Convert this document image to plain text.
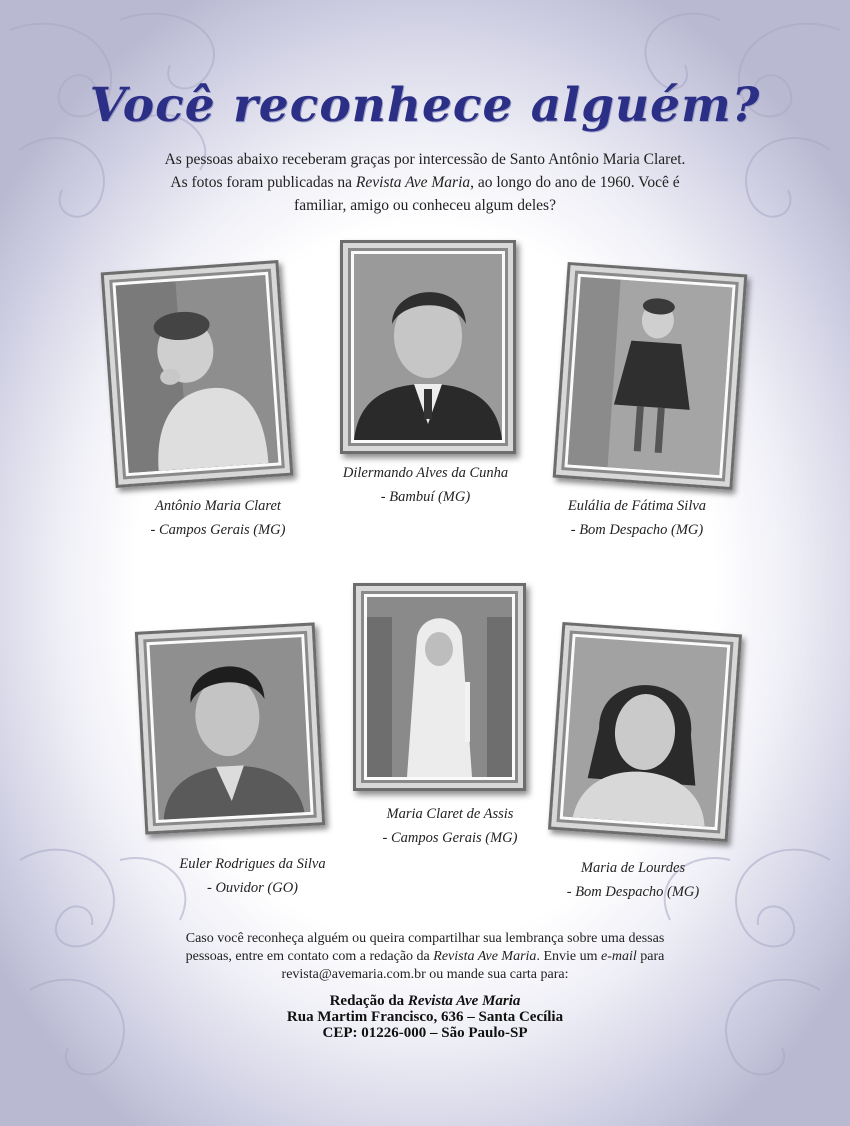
Você reconhece alguém?
As pessoas abaixo receberam graças por intercessão de Santo Antônio Maria Claret.
As fotos foram publicadas na Revista Ave Maria, ao longo do ano de 1960. Você é
familiar, amigo ou conheceu algum deles?
Antônio Maria Claret
- Campos Gerais (MG)
Dilermando Alves da Cunha
- Bambuí (MG)
Eulália de Fátima Silva
- Bom Despacho (MG)
Euler Rodrigues da Silva
- Ouvidor (GO)
Maria Claret de Assis
- Campos Gerais (MG)
Maria de Lourdes
- Bom Despacho (MG)
Caso você reconheça alguém ou queira compartilhar sua lembrança sobre uma dessas
pessoas, entre em contato com a redação da Revista Ave Maria. Envie um e-mail para
revista@avemaria.com.br ou mande sua carta para:
Redação da Revista Ave Maria
Rua Martim Francisco, 636 – Santa Cecília
CEP: 01226-000 – São Paulo-SP
